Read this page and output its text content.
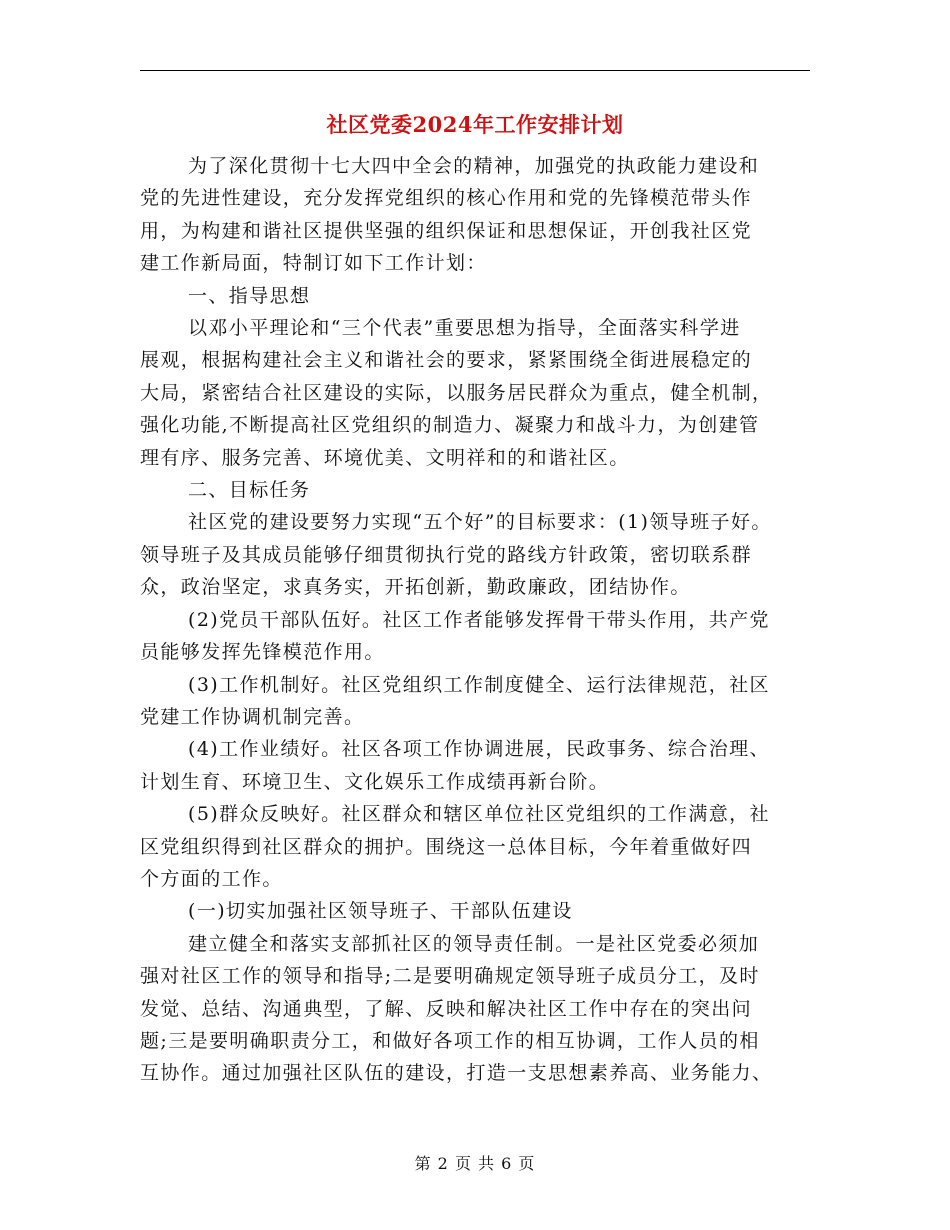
社区党委2024年工作安排计划
为了深化贯彻十七大四中全会的精神，加强党的执政能力建设和
党的先进性建设，充分发挥党组织的核心作用和党的先锋模范带头作
用，为构建和谐社区提供坚强的组织保证和思想保证，开创我社区党
建工作新局面，特制订如下工作计划：
一、指导思想
以邓小平理论和“三个代表”重要思想为指导，全面落实科学进
展观，根据构建社会主义和谐社会的要求，紧紧围绕全街进展稳定的
大局，紧密结合社区建设的实际，以服务居民群众为重点，健全机制，
强化功能,不断提高社区党组织的制造力、凝聚力和战斗力，为创建管
理有序、服务完善、环境优美、文明祥和的和谐社区。
二、目标任务
社区党的建设要努力实现“五个好”的目标要求：(1)领导班子好。
领导班子及其成员能够仔细贯彻执行党的路线方针政策，密切联系群
众，政治坚定，求真务实，开拓创新，勤政廉政，团结协作。
(2)党员干部队伍好。社区工作者能够发挥骨干带头作用，共产党
员能够发挥先锋模范作用。
(3)工作机制好。社区党组织工作制度健全、运行法律规范，社区
党建工作协调机制完善。
(4)工作业绩好。社区各项工作协调进展，民政事务、综合治理、
计划生育、环境卫生、文化娱乐工作成绩再新台阶。
(5)群众反映好。社区群众和辖区单位社区党组织的工作满意，社
区党组织得到社区群众的拥护。围绕这一总体目标，今年着重做好四
个方面的工作。
(一)切实加强社区领导班子、干部队伍建设
建立健全和落实支部抓社区的领导责任制。一是社区党委必须加
强对社区工作的领导和指导;二是要明确规定领导班子成员分工，及时
发觉、总结、沟通典型，了解、反映和解决社区工作中存在的突出问
题;三是要明确职责分工，和做好各项工作的相互协调，工作人员的相
互协作。通过加强社区队伍的建设，打造一支思想素养高、业务能力、
第 2 页 共 6 页
